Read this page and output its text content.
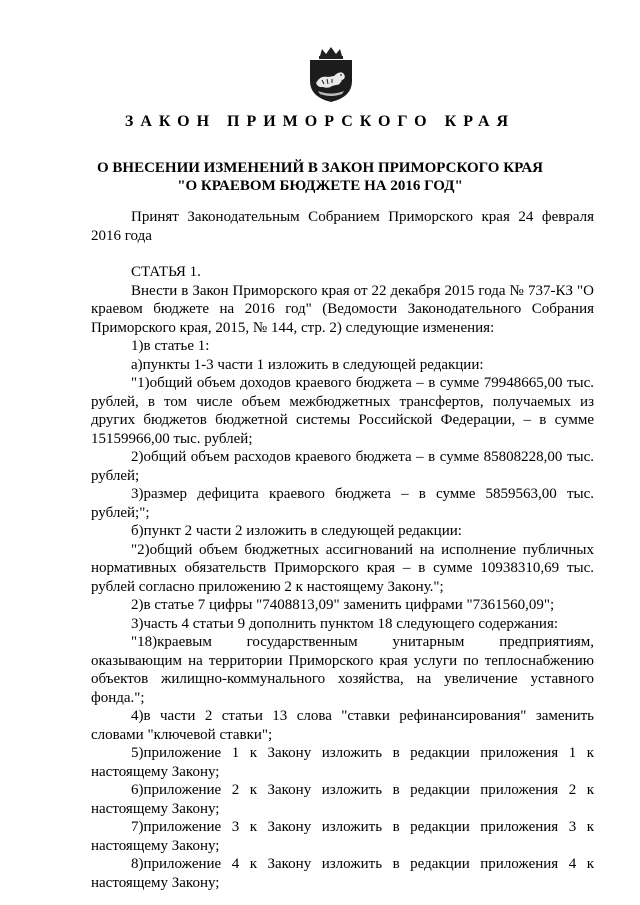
ЗАКОН ПРИМОРСКОГО КРАЯ
О ВНЕСЕНИИ ИЗМЕНЕНИЙ В ЗАКОН ПРИМОРСКОГО КРАЯ
"О КРАЕВОМ БЮДЖЕТЕ НА 2016 ГОД"

Принят Законодательным Собранием Приморского края 24 февраля 2016 года

СТАТЬЯ 1.

Внести в Закон Приморского края от 22 декабря 2015 года № 737-КЗ "О краевом бюджете на 2016 год" (Ведомости Законодательного Собрания Приморского края, 2015, № 144, стр. 2) следующие изменения:

1)в статье 1:

а)пункты 1-3 части 1 изложить в следующей редакции:

"1)общий объем доходов краевого бюджета – в сумме 79948665,00 тыс. рублей, в том числе объем межбюджетных трансфертов, получаемых из других бюджетов бюджетной системы Российской Федерации, – в сумме 15159966,00 тыс. рублей;

2)общий объем расходов краевого бюджета – в сумме 85808228,00 тыс. рублей;

3)размер дефицита краевого бюджета – в сумме 5859563,00 тыс. рублей;";

б)пункт 2 части 2 изложить в следующей редакции:

"2)общий объем бюджетных ассигнований на исполнение публичных нормативных обязательств Приморского края – в сумме 10938310,69 тыс. рублей согласно приложению 2 к настоящему Закону.";

2)в статье 7 цифры "7408813,09" заменить цифрами "7361560,09";

3)часть 4 статьи 9 дополнить пунктом 18 следующего содержания:

"18)краевым государственным унитарным предприятиям, оказывающим на территории Приморского края услуги по теплоснабжению объектов жилищно-коммунального хозяйства, на увеличение уставного фонда.";

4)в части 2 статьи 13 слова "ставки рефинансирования" заменить словами "ключевой ставки";

5)приложение 1 к Закону изложить в редакции приложения 1 к настоящему Закону;

6)приложение 2 к Закону изложить в редакции приложения 2 к настоящему Закону;

7)приложение 3 к Закону изложить в редакции приложения 3 к настоящему Закону;

8)приложение 4 к Закону изложить в редакции приложения 4 к настоящему Закону;
